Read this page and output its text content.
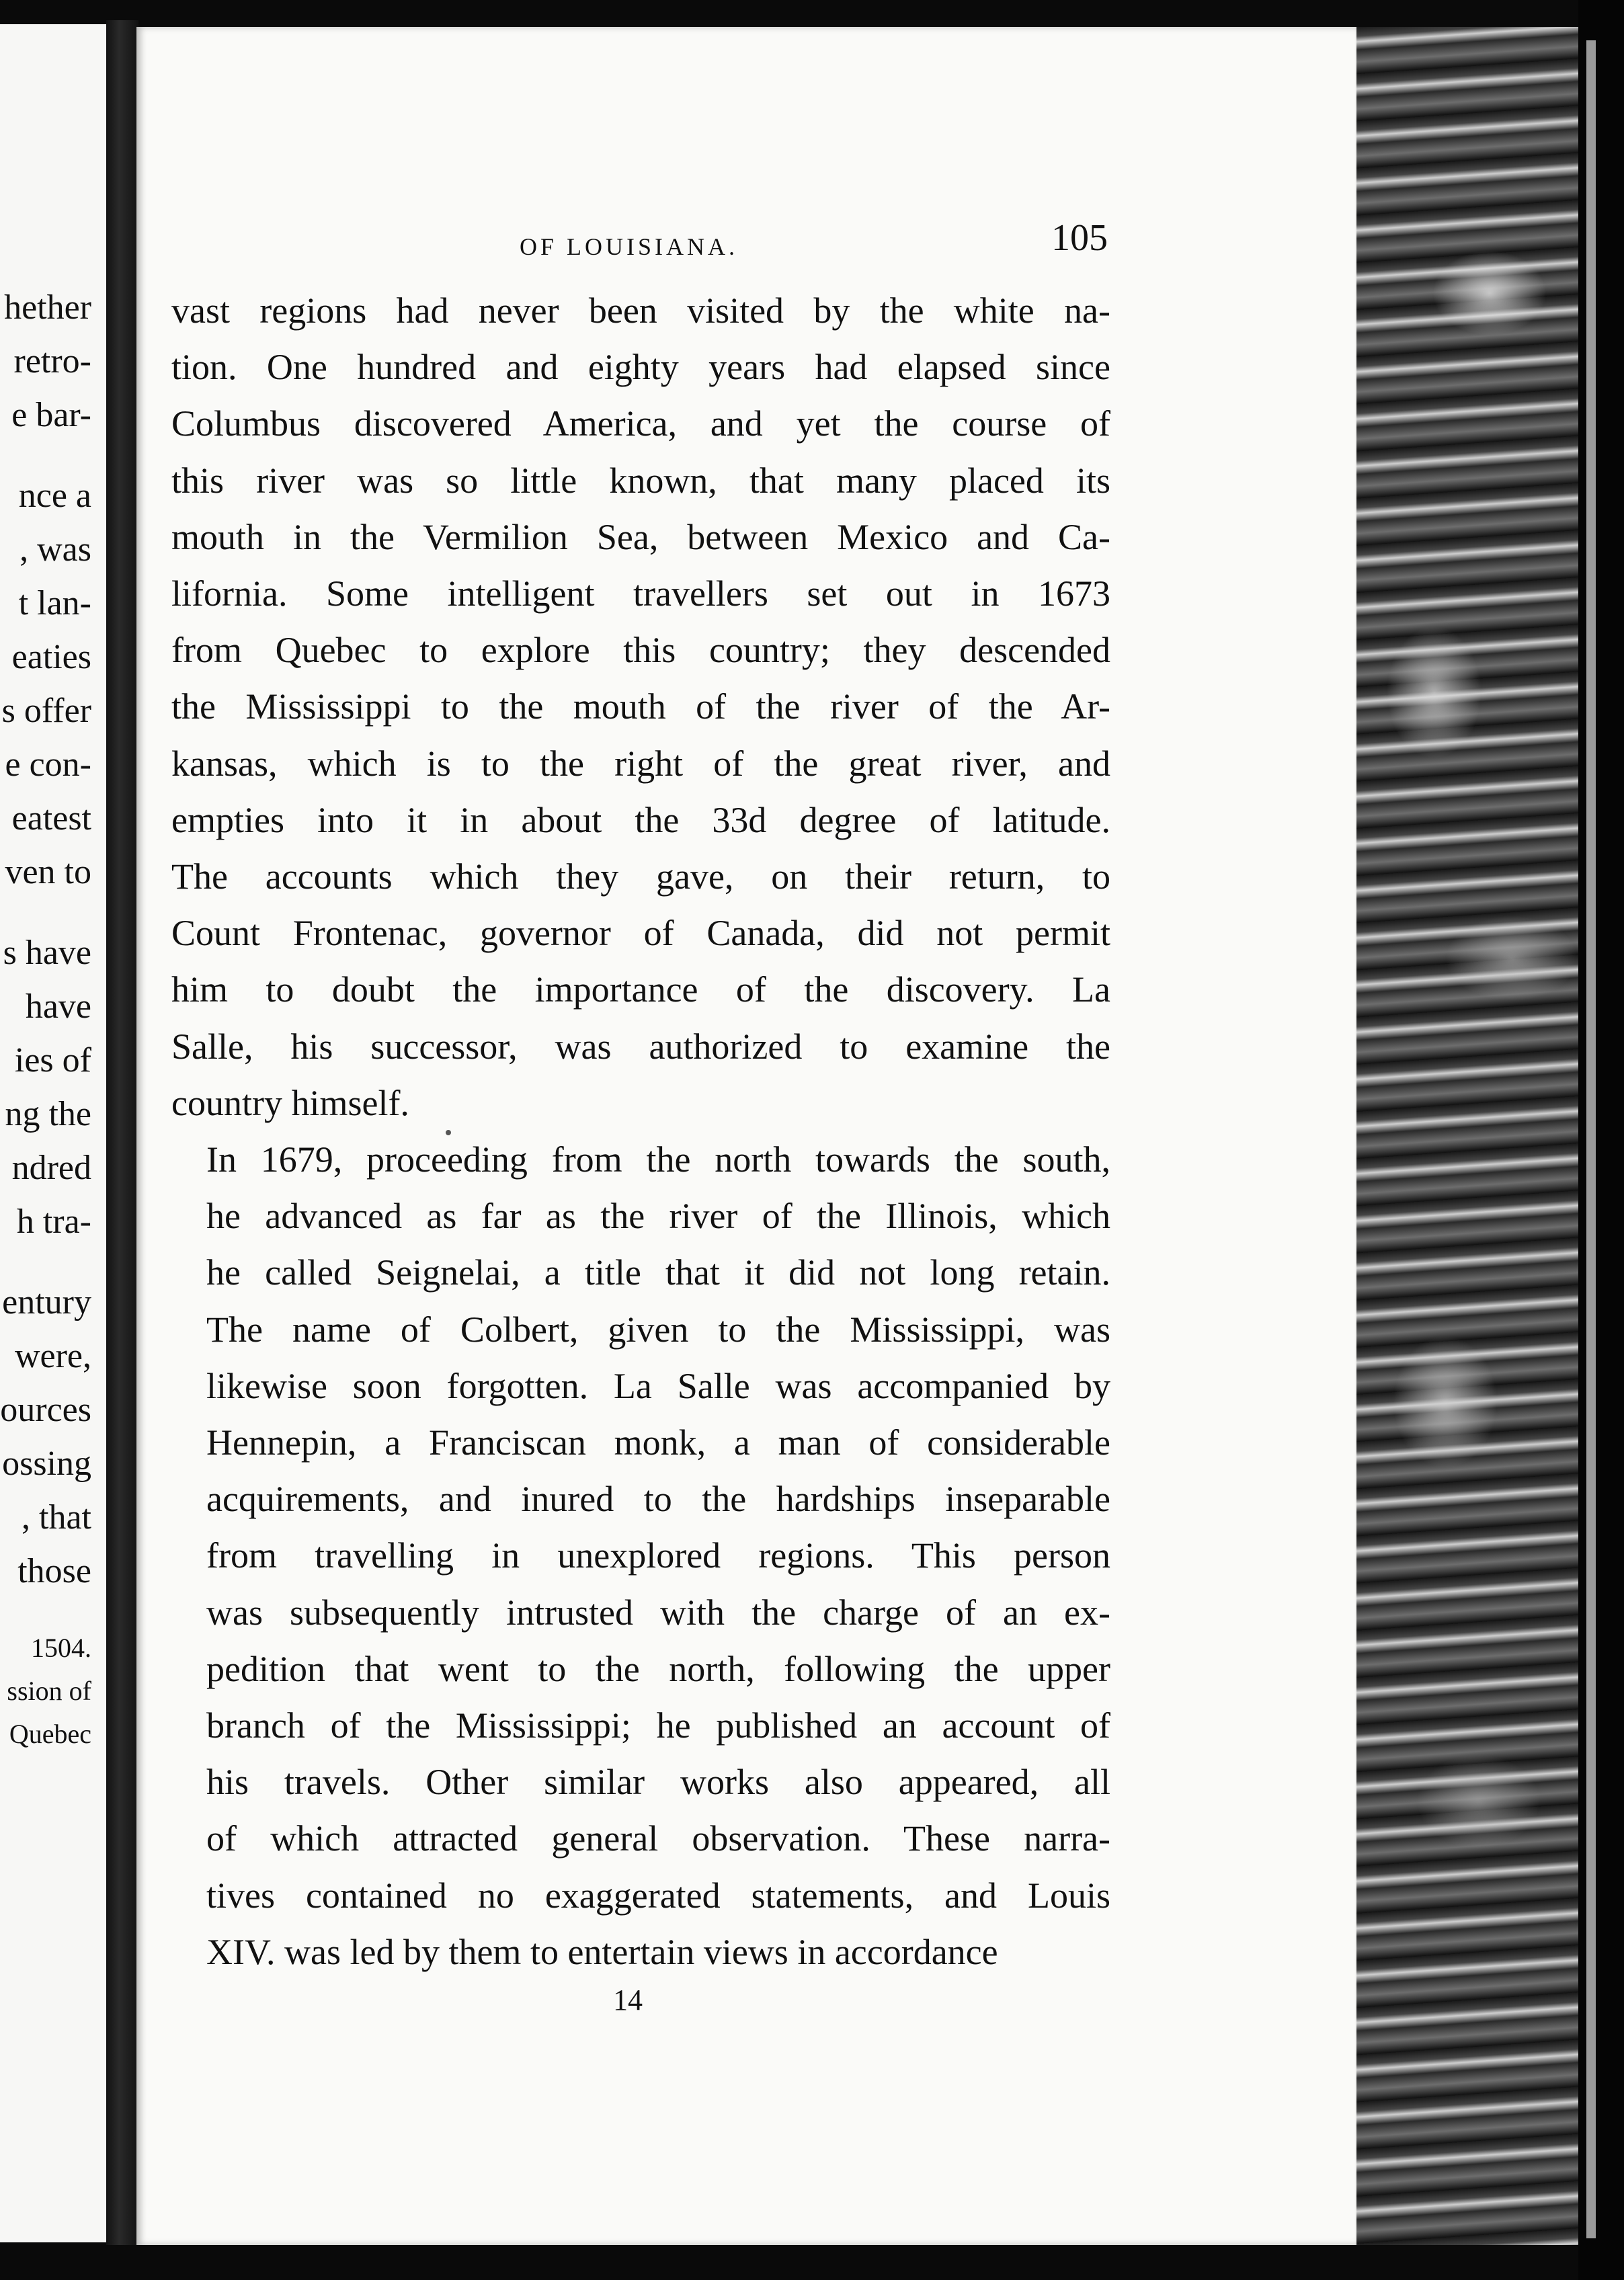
hether
retro-
e bar-
nce a
, was
t lan-
eaties
s offer
e con-
eatest
ven to
s have
have
ies of
ng the
ndred
h tra-
entury
were,
ources
ossing
, that
those
1504.
ssion of
Quebec
OF LOUISIANA.	105

vast regions had never been visited by the white na-
tion. One hundred and eighty years had elapsed since
Columbus discovered America, and yet the course of
this river was so little known, that many placed its
mouth in the Vermilion Sea, between Mexico and Ca-
lifornia. Some intelligent travellers set out in 1673
from Quebec to explore this country; they descended
the Mississippi to the mouth of the river of the Ar-
kansas, which is to the right of the great river, and
empties into it in about the 33d degree of latitude.
The accounts which they gave, on their return, to
Count Frontenac, governor of Canada, did not permit
him to doubt the importance of the discovery. La
Salle, his successor, was authorized to examine the
country himself.

In 1679, proceeding from the north towards the south,
he advanced as far as the river of the Illinois, which
he called Seignelai, a title that it did not long retain.
The name of Colbert, given to the Mississippi, was
likewise soon forgotten. La Salle was accompanied by
Hennepin, a Franciscan monk, a man of considerable
acquirements, and inured to the hardships inseparable
from travelling in unexplored regions. This person
was subsequently intrusted with the charge of an ex-
pedition that went to the north, following the upper
branch of the Mississippi; he published an account of
his travels. Other similar works also appeared, all
of which attracted general observation. These narra-
tives contained no exaggerated statements, and Louis
XIV. was led by them to entertain views in accordance

14
